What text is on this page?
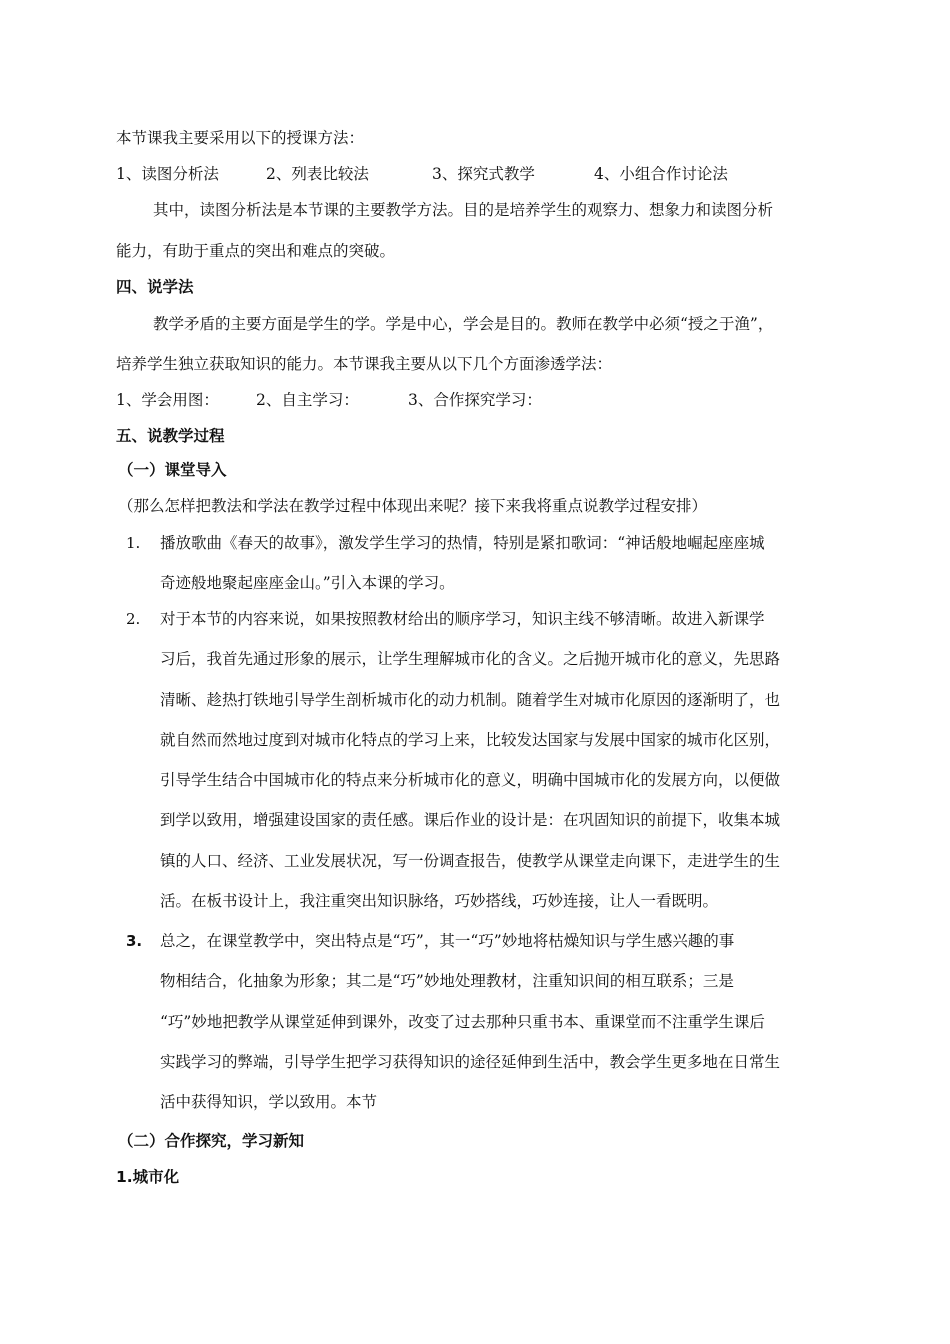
本节课我主要采用以下的授课方法：
1、读图分析法	2、列表比较法	3、探究式教学	4、小组合作讨论法
其中，读图分析法是本节课的主要教学方法。目的是培养学生的观察力、想象力和读图分析
能力，有助于重点的突出和难点的突破。
四、说学法
教学矛盾的主要方面是学生的学。学是中心，学会是目的。教师在教学中必须“授之于渔”，
培养学生独立获取知识的能力。本节课我主要从以下几个方面渗透学法：
1、学会用图： 2、自主学习：	3、合作探究学习：
五、说教学过程
（一）课堂导入
（那么怎样把教法和学法在教学过程中体现出来呢？接下来我将重点说教学过程安排）
1. 播放歌曲《春天的故事》，激发学生学习的热情，特别是紧扣歌词：“神话般地崛起座座城
奇迹般地聚起座座金山。”引入本课的学习。
2. 对于本节的内容来说，如果按照教材给出的顺序学习，知识主线不够清晰。故进入新课学
习后，我首先通过形象的展示，让学生理解城市化的含义。之后抛开城市化的意义，先思路
清晰、趁热打铁地引导学生剖析城市化的动力机制。随着学生对城市化原因的逐渐明了，也
就自然而然地过度到对城市化特点的学习上来，比较发达国家与发展中国家的城市化区别，
引导学生结合中国城市化的特点来分析城市化的意义，明确中国城市化的发展方向，以便做
到学以致用，增强建设国家的责任感。课后作业的设计是：在巩固知识的前提下，收集本城
镇的人口、经济、工业发展状况，写一份调查报告，使教学从课堂走向课下，走进学生的生
活。在板书设计上，我注重突出知识脉络，巧妙搭线，巧妙连接，让人一看既明。
3. 总之，在课堂教学中，突出特点是“巧”，其一“巧”妙地将枯燥知识与学生感兴趣的事
物相结合，化抽象为形象；其二是“巧”妙地处理教材，注重知识间的相互联系；三是
“巧”妙地把教学从课堂延伸到课外，改变了过去那种只重书本、重课堂而不注重学生课后
实践学习的弊端，引导学生把学习获得知识的途径延伸到生活中，教会学生更多地在日常生
活中获得知识，学以致用。本节
（二）合作探究，学习新知
1.城市化
